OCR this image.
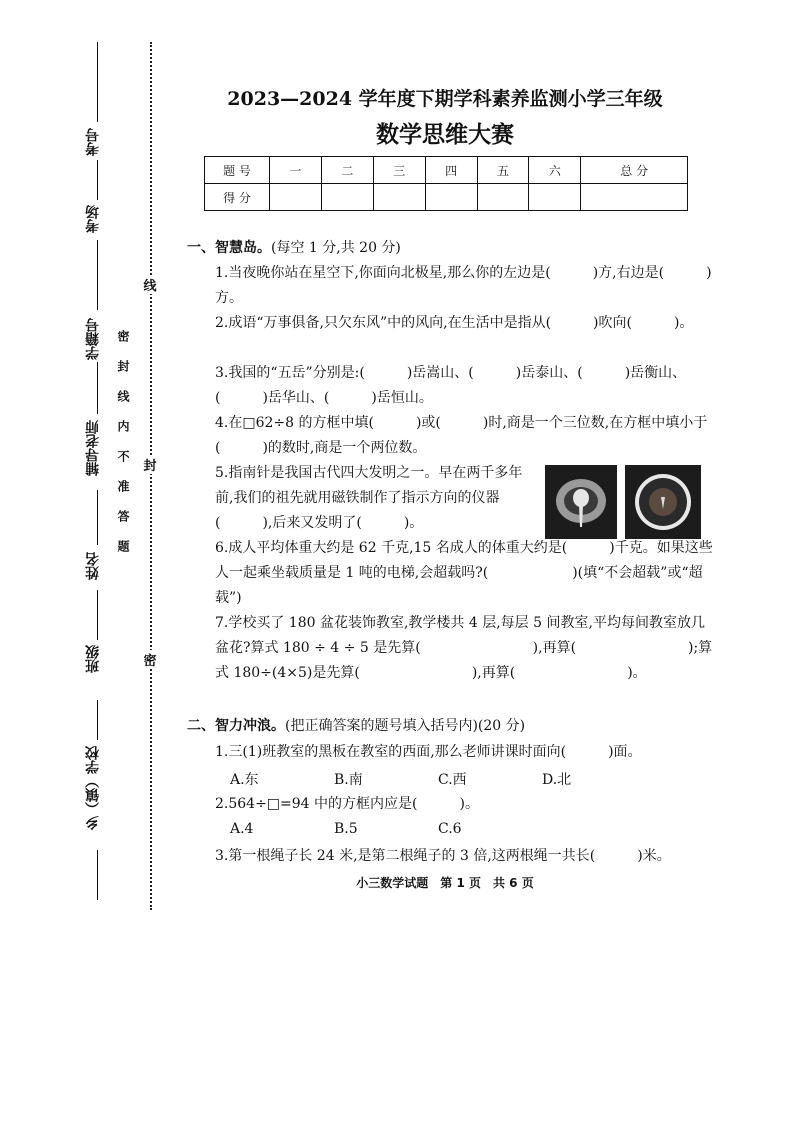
考号
考场
学籍号
辅导老师
姓名
班级
乡（镇）学校
线
封
密
密封线内不准答题
2023—2024 学年度下期学科素养监测小学三年级
数学思维大赛
题 号	一	二	三	四	五	六	总 分
得 分							
一、智慧岛。(每空 1 分,共 20 分)
1.当夜晚你站在星空下,你面向北极星,那么你的左边是(　　　)方,右边是(　　　)方。
2.成语“万事俱备,只欠东风”中的风向,在生活中是指从(　　　)吹向(　　　)。
3.我国的“五岳”分别是:(　　　)岳嵩山、(　　　)岳泰山、(　　　)岳衡山、(　　　)岳华山、(　　　)岳恒山。
4.在□62÷8 的方框中填(　　　)或(　　　)时,商是一个三位数,在方框中填小于(　　　)的数时,商是一个两位数。
5.指南针是我国古代四大发明之一。早在两千多年前,我们的祖先就用磁铁制作了指示方向的仪器(　　　),后来又发明了(　　　)。
6.成人平均体重大约是 62 千克,15 名成人的体重大约是(　　　)千克。如果这些人一起乘坐载质量是 1 吨的电梯,会超载吗?(　　　　　　)(填“不会超载”或“超载”)
7.学校买了 180 盆花装饰教室,教学楼共 4 层,每层 5 间教室,平均每间教室放几盆花?算式 180 ÷ 4 ÷ 5 是先算(　　　　　　　　),再算(　　　　　　　　);算式 180÷(4×5)是先算(　　　　　　　　),再算(　　　　　　　　)。
二、智力冲浪。(把正确答案的题号填入括号内)(20 分)
1.三(1)班教室的黑板在教室的西面,那么老师讲课时面向(　　　)面。
A.东	B.南	C.西	D.北
2.564÷□=94 中的方框内应是(　　　)。
A.4	B.5	C.6
3.第一根绳子长 24 米,是第二根绳子的 3 倍,这两根绳一共长(　　　)米。
小三数学试题　第 1 页　共 6 页
